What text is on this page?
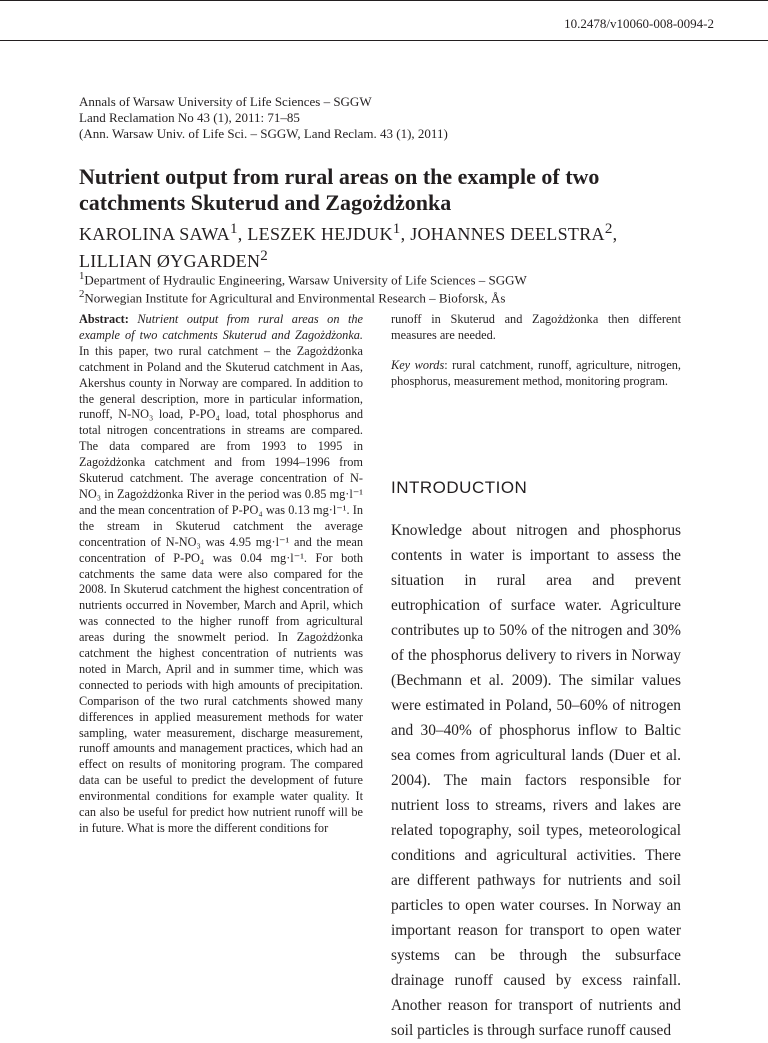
10.2478/v10060-008-0094-2
Annals of Warsaw University of Life Sciences – SGGW
Land Reclamation No 43 (1), 2011: 71–85
(Ann. Warsaw Univ. of Life Sci. – SGGW, Land Reclam. 43 (1), 2011)
Nutrient output from rural areas on the example of two catchments Skuterud and Zagożdżonka
KAROLINA SAWA$^1$, LESZEK HEJDUK$^1$, JOHANNES DEELSTRA$^2$,
LILLIAN ØYGARDEN$^2$
$^1$Department of Hydraulic Engineering, Warsaw University of Life Sciences – SGGW
$^2$Norwegian Institute for Agricultural and Environmental Research – Bioforsk, Ås

Abstract: Nutrient output from rural areas on the example of two catchments Skuterud and Zagożdżonka. In this paper, two rural catchment – the Zagożdżonka catchment in Poland and the Skuterud catchment in Aas, Akershus county in Norway are compared. In addition to the general description, more in particular information, runoff, N-NO₃ load, P-PO₄ load, total phosphorus and total nitrogen concentrations in streams are compared. The data compared are from 1993 to 1995 in Zagożdżonka catchment and from 1994–1996 from Skuterud catchment. The average concentration of N-NO₃ in Zagożdżonka River in the period was 0.85 mg·l⁻¹ and the mean concentration of P-PO₄ was 0.13 mg·l⁻¹. In the stream in Skuterud catchment the average concentration of N-NO₃ was 4.95 mg·l⁻¹ and the mean concentration of P-PO₄ was 0.04 mg·l⁻¹. For both catchments the same data were also compared for the 2008. In Skuterud catchment the highest concentration of nutrients occurred in November, March and April, which was connected to the higher runoff from agricultural areas during the snowmelt period. In Zagożdżonka catchment the highest concentration of nutrients was noted in March, April and in summer time, which was connected to periods with high amounts of precipitation. Comparison of the two rural catchments showed many differences in applied measurement methods for water sampling, water measurement, discharge measurement, runoff amounts and management practices, which had an effect on results of monitoring program. The compared data can be useful to predict the development of future environmental conditions for example water quality. It can also be useful for predict how nutrient runoff will be in future. What is more the different conditions for

runoff in Skuterud and Zagożdżonka then different measures are needed.

Key words: rural catchment, runoff, agriculture, nitrogen, phosphorus, measurement method, monitoring program.

INTRODUCTION

Knowledge about nitrogen and phosphorus contents in water is important to assess the situation in rural area and prevent eutrophication of surface water. Agriculture contributes up to 50% of the nitrogen and 30% of the phosphorus delivery to rivers in Norway (Bechmann et al. 2009). The similar values were estimated in Poland, 50–60% of nitrogen and 30–40% of phosphorus inflow to Baltic sea comes from agricultural lands (Duer et al. 2004). The main factors responsible for nutrient loss to streams, rivers and lakes are related topography, soil types, meteorological conditions and agricultural activities. There are different pathways for nutrients and soil particles to open water courses. In Norway an important reason for transport to open water systems can be through the subsurface drainage runoff caused by excess rainfall. Another reason for transport of nutrients and soil particles is through surface runoff caused
